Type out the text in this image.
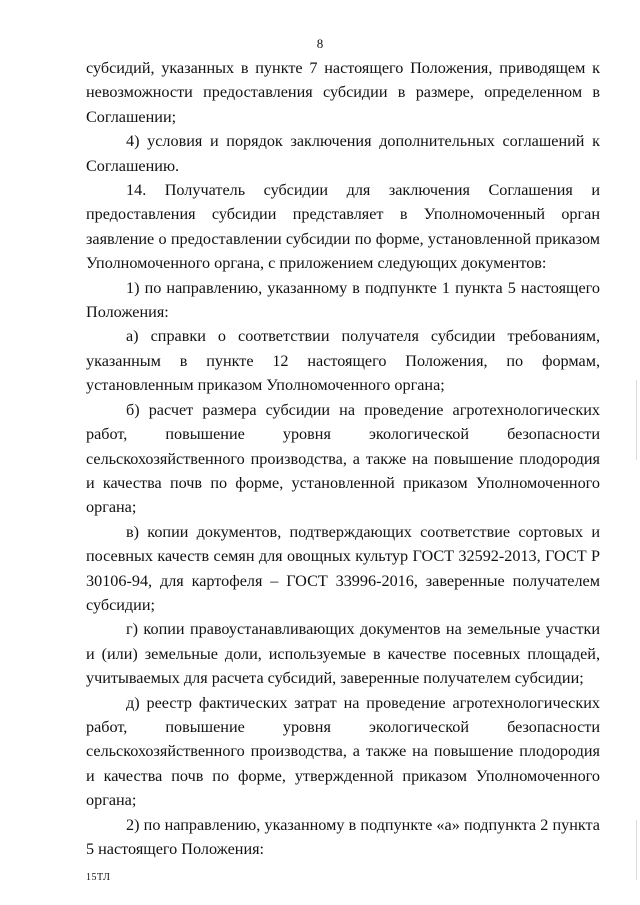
8

субсидий, указанных в пункте 7 настоящего Положения, приводящем к невозможности предоставления субсидии в размере, определенном в Соглашении;

4) условия и порядок заключения дополнительных соглашений к Соглашению.

14. Получатель субсидии для заключения Соглашения и предоставления субсидии представляет в Уполномоченный орган заявление о предоставлении субсидии по форме, установленной приказом Уполномоченного органа, с приложением следующих документов:

1) по направлению, указанному в подпункте 1 пункта 5 настоящего Положения:

а) справки о соответствии получателя субсидии требованиям, указанным в пункте 12 настоящего Положения, по формам, установленным приказом Уполномоченного органа;

б) расчет размера субсидии на проведение агротехнологических работ, повышение уровня экологической безопасности сельскохозяйственного производства, а также на повышение плодородия и качества почв по форме, установленной приказом Уполномоченного органа;

в) копии документов, подтверждающих соответствие сортовых и посевных качеств семян для овощных культур ГОСТ 32592-2013, ГОСТ Р 30106-94, для картофеля – ГОСТ 33996-2016, заверенные получателем субсидии;

г) копии правоустанавливающих документов на земельные участки и (или) земельные доли, используемые в качестве посевных площадей, учитываемых для расчета субсидий, заверенные получателем субсидии;

д) реестр фактических затрат на проведение агротехнологических работ, повышение уровня экологической безопасности сельскохозяйственного производства, а также на повышение плодородия и качества почв по форме, утвержденной приказом Уполномоченного органа;

2) по направлению, указанному в подпункте «а» подпункта 2 пункта 5 настоящего Положения:

15ТЛ
